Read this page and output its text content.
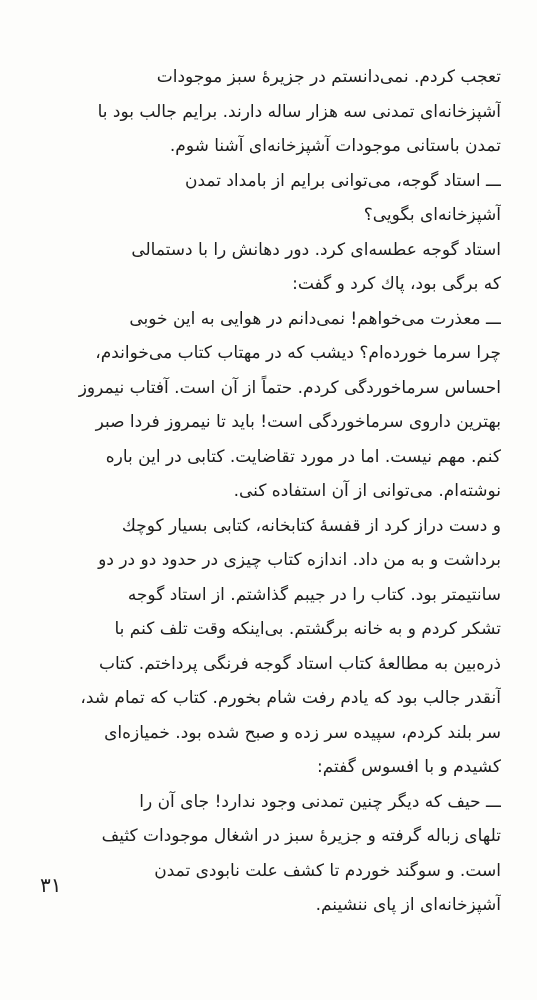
تعجب کردم. نمی‌دانستم در جزیرهٔ سبز موجودات
آشپزخانه‌ای تمدنی سه هزار ساله دارند. برایم جالب بود با
تمدن باستانی موجودات آشپزخانه‌ای آشنا شوم.
ـــ استاد گوجه، می‌توانی برایم از بامداد تمدن
آشپزخانه‌ای بگویی؟
استاد گوجه عطسه‌ای کرد. دور دهانش را با دستمالی
که برگی بود، پاك کرد و گفت:
ـــ معذرت می‌خواهم! نمی‌دانم در هوایی به این خوبی
چرا سرما خورده‌ام؟ دیشب که در مهتاب کتاب می‌خواندم،
احساس سرماخوردگی کردم. حتماً از آن است. آفتاب نیمروز
بهترین داروی سرماخوردگی است! باید تا نیمروز فردا صبر
کنم. مهم نیست. اما در مورد تقاضایت. کتابی در این باره
نوشته‌ام. می‌توانی از آن استفاده کنی.
و دست دراز کرد از قفسهٔ کتابخانه، کتابی بسیار کوچك
برداشت و به من داد. اندازه کتاب چیزی در حدود دو در دو
سانتیمتر بود. کتاب را در جیبم گذاشتم. از استاد گوجه
تشکر کردم و به خانه برگشتم. بی‌اینکه وقت تلف کنم با
ذره‌بین به مطالعهٔ کتاب استاد گوجه فرنگی پرداختم. کتاب
آنقدر جالب بود که یادم رفت شام بخورم. کتاب که تمام شد،
سر بلند کردم، سپیده سر زده و صبح شده بود. خمیازه‌ای
کشیدم و با افسوس گفتم:
ـــ حیف که دیگر چنین تمدنی وجود ندارد! جای آن را
تلهای زباله گرفته و جزیرهٔ سبز در اشغال موجودات کثیف
است. و سوگند خوردم تا کشف علت نابودی تمدن
آشپزخانه‌ای از پای ننشینم.
۳۱
